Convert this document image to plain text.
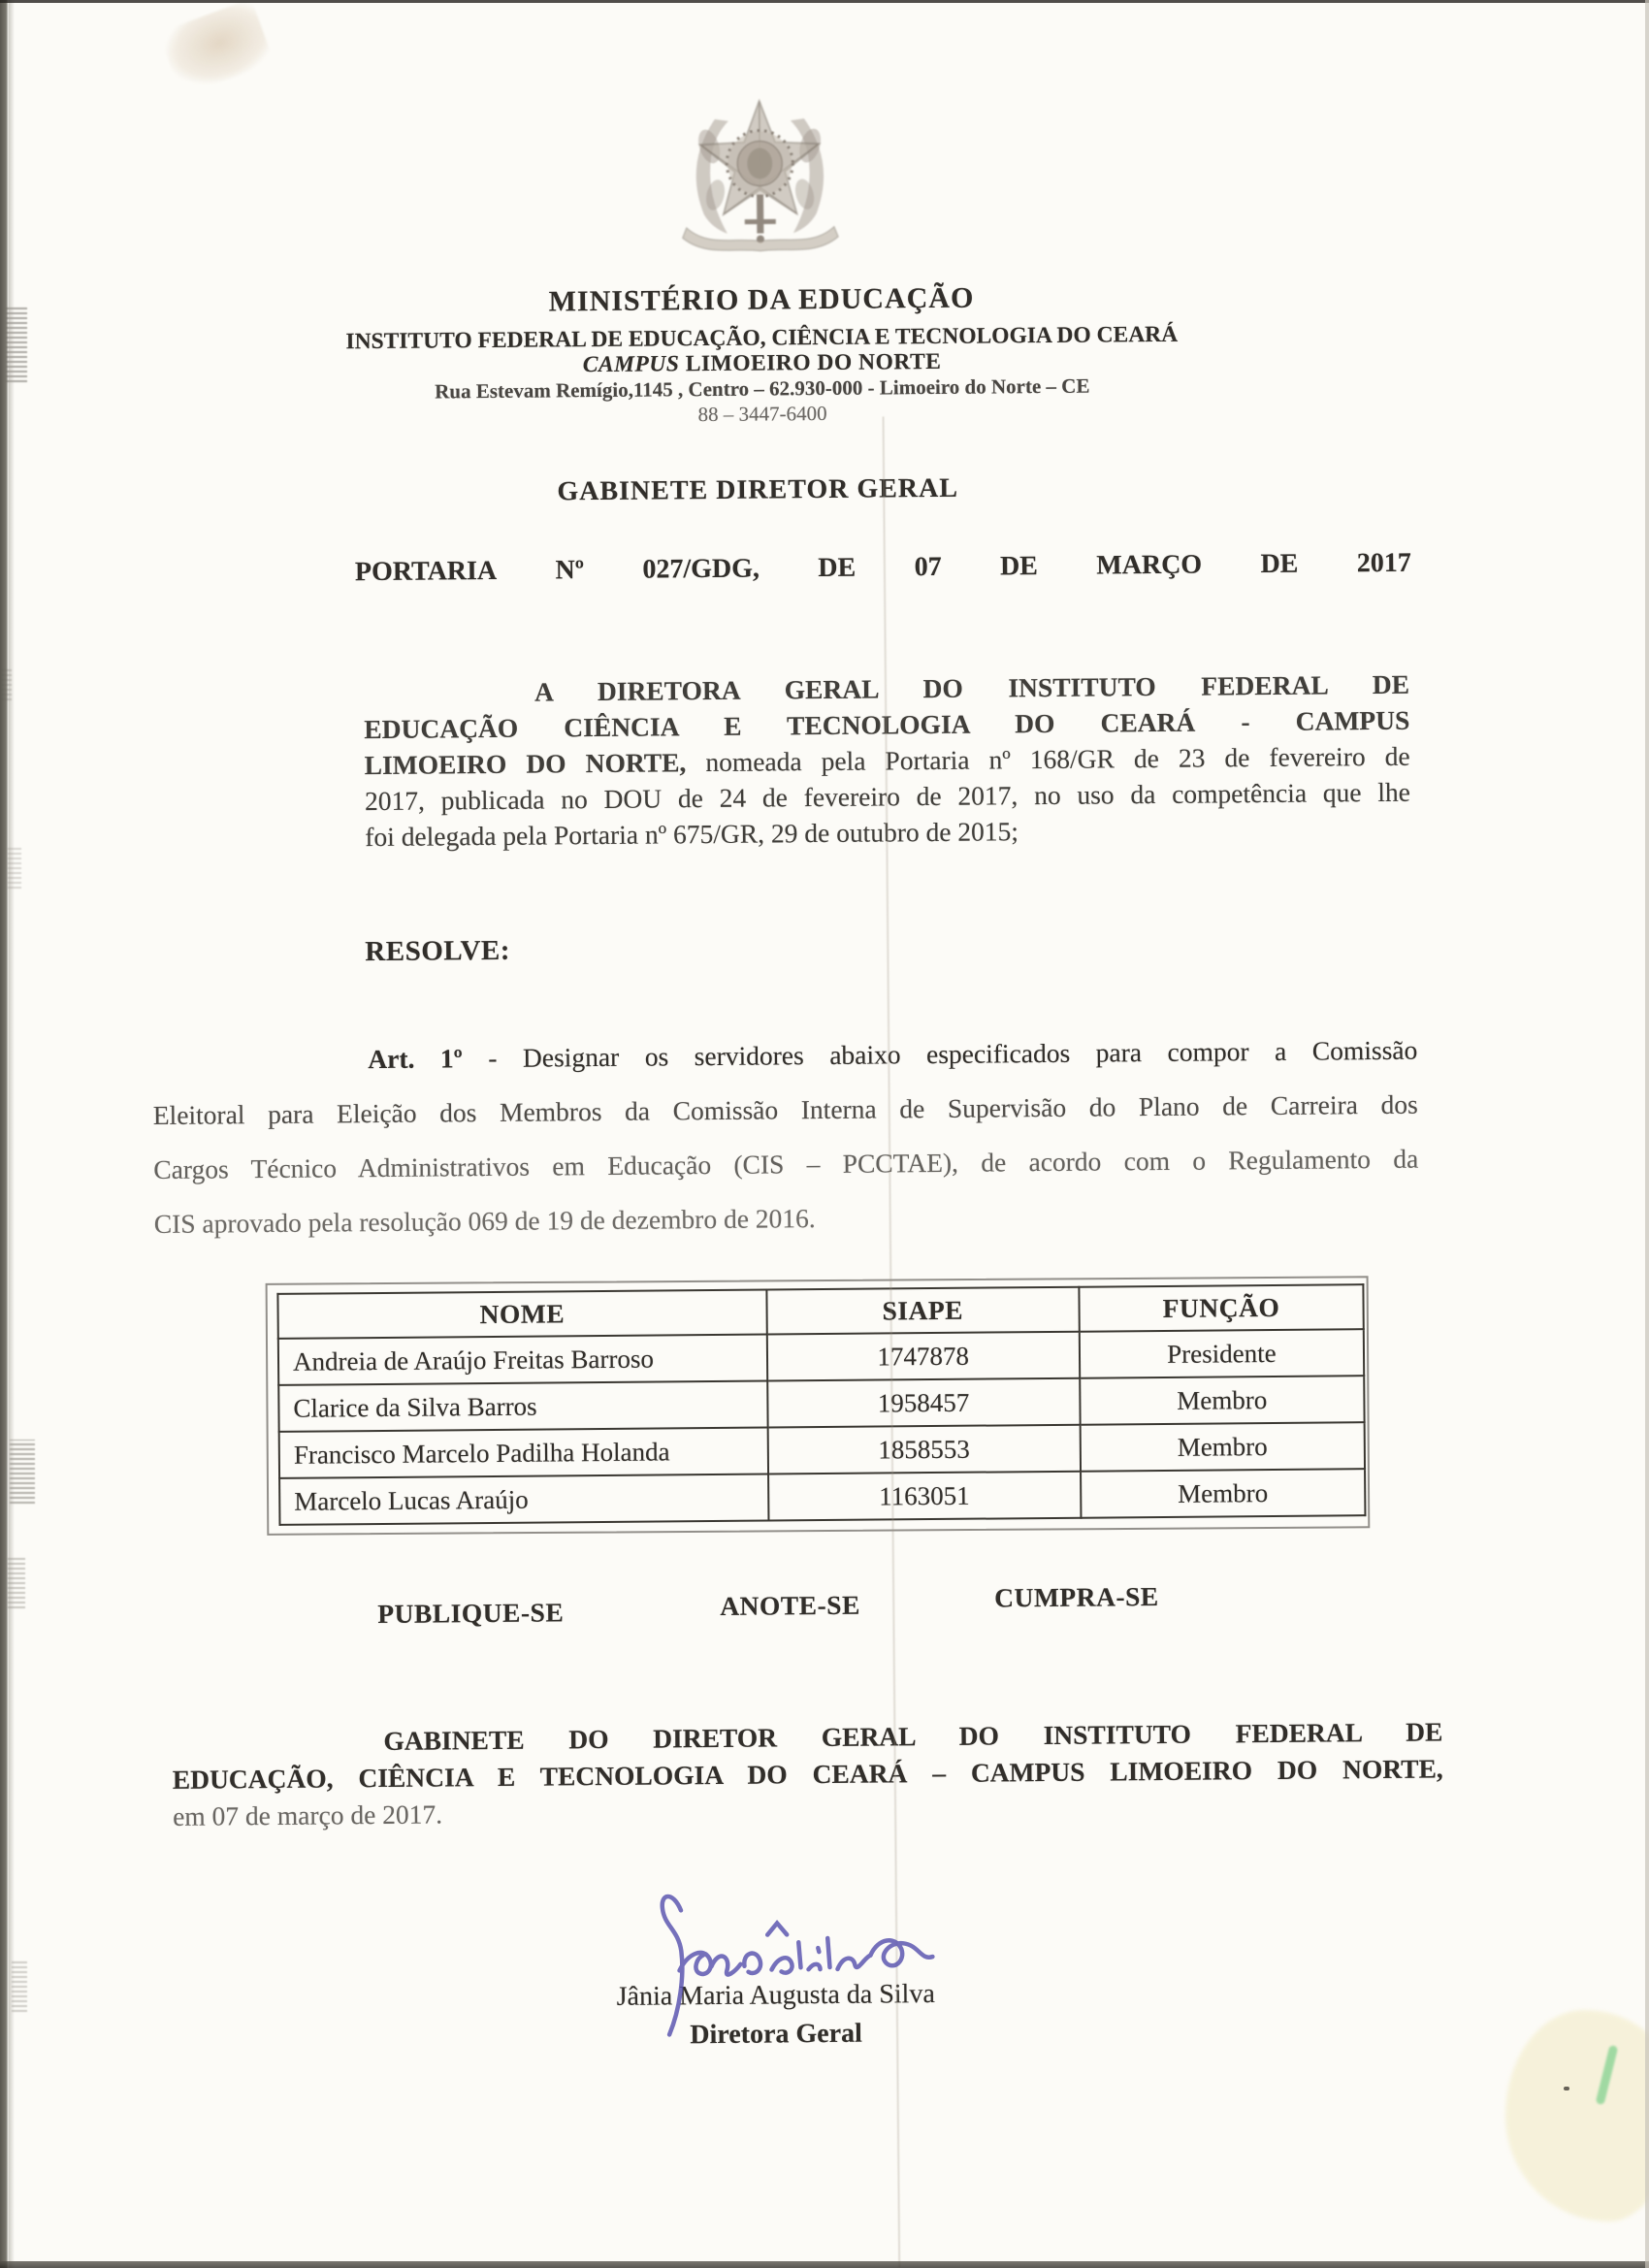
MINISTÉRIO DA EDUCAÇÃO
INSTITUTO FEDERAL DE EDUCAÇÃO, CIÊNCIA E TECNOLOGIA DO CEARÁ
CAMPUS LIMOEIRO DO NORTE
Rua Estevam Remígio,1145 , Centro – 62.930-000 - Limoeiro do Norte – CE
88 – 3447-6400
GABINETE DIRETOR GERAL
PORTARIA Nº 027/GDG, DE 07 DE MARÇO DE 2017
A DIRETORA GERAL DO INSTITUTO FEDERAL DE
EDUCAÇÃO CIÊNCIA E TECNOLOGIA DO CEARÁ - CAMPUS
LIMOEIRO DO NORTE, nomeada pela Portaria nº 168/GR de 23 de fevereiro de
2017, publicada no DOU de 24 de fevereiro de 2017, no uso da competência que lhe
foi delegada pela Portaria nº 675/GR, 29 de outubro de 2015;
RESOLVE:
Art. 1º - Designar os servidores abaixo especificados para compor a Comissão
Eleitoral para Eleição dos Membros da Comissão Interna de Supervisão do Plano de Carreira dos
Cargos Técnico Administrativos em Educação (CIS – PCCTAE), de acordo com o Regulamento da
CIS aprovado pela resolução 069 de 19 de dezembro de 2016.
NOME	SIAPE	FUNÇÃO
Andreia de Araújo Freitas Barroso	1747878	Presidente
Clarice da Silva Barros	1958457	Membro
Francisco Marcelo Padilha Holanda	1858553	Membro
Marcelo Lucas Araújo	1163051	Membro
PUBLIQUE-SE	ANOTE-SE	CUMPRA-SE
GABINETE DO DIRETOR GERAL DO INSTITUTO FEDERAL DE
EDUCAÇÃO, CIÊNCIA E TECNOLOGIA DO CEARÁ – CAMPUS LIMOEIRO DO NORTE,
em 07 de março de 2017.
Jânia Maria Augusta da Silva
Diretora Geral
